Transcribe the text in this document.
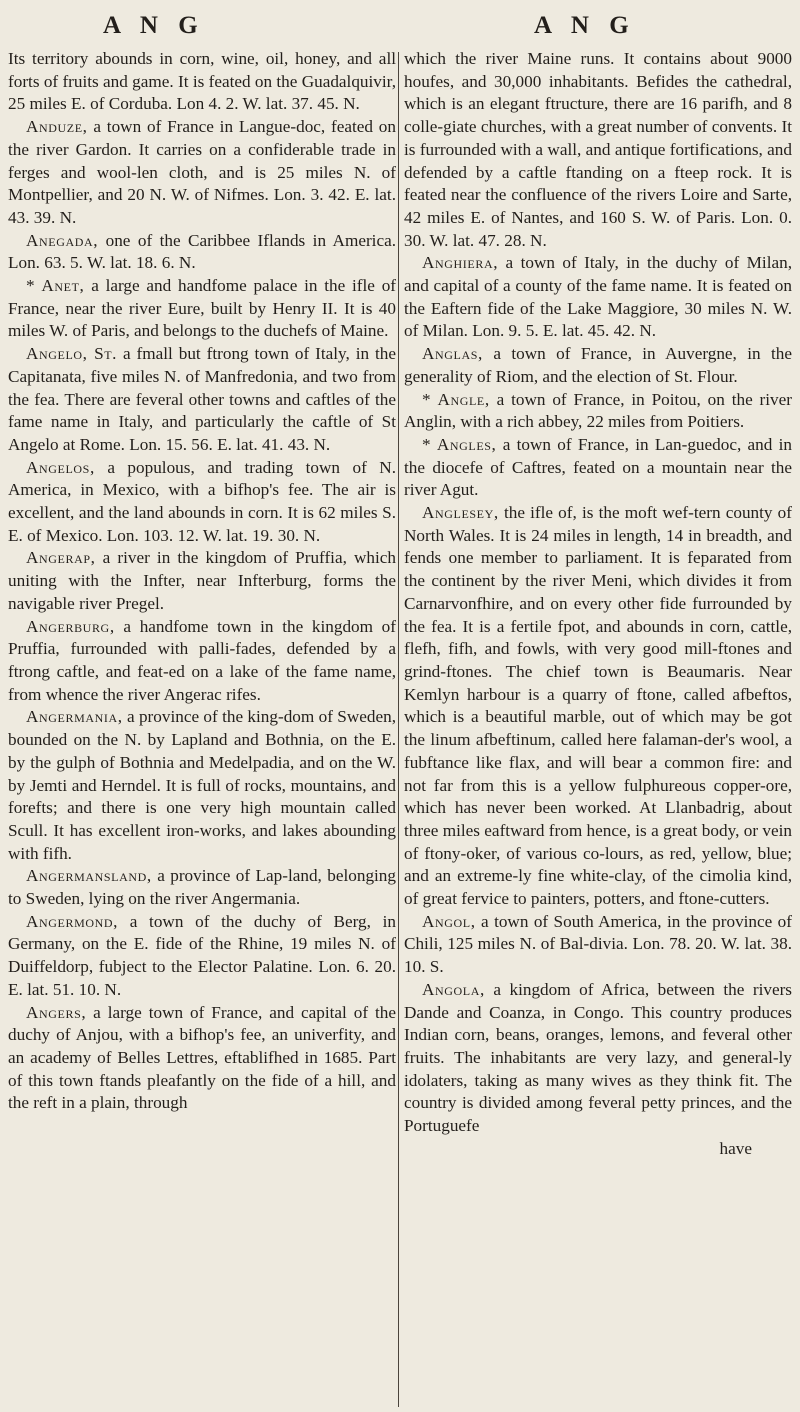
A N G

Its territory abounds in corn, wine, oil, honey, and all forts of fruits and game. It is feated on the Guadalquivir, 25 miles E. of Corduba. Lon 4. 2. W. lat. 37. 45. N.

Anduze, a town of France in Langue-doc, feated on the river Gardon. It carries on a confiderable trade in ferges and wool-len cloth, and is 25 miles N. of Montpellier, and 20 N. W. of Nifmes. Lon. 3. 42. E. lat. 43. 39. N.

Anegada, one of the Caribbee Iflands in America. Lon. 63. 5. W. lat. 18. 6. N.

* Anet, a large and handfome palace in the ifle of France, near the river Eure, built by Henry II. It is 40 miles W. of Paris, and belongs to the duchefs of Maine.

Angelo, St. a fmall but ftrong town of Italy, in the Capitanata, five miles N. of Manfredonia, and two from the fea. There are feveral other towns and caftles of the fame name in Italy, and particularly the caftle of St Angelo at Rome. Lon. 15. 56. E. lat. 41. 43. N.

Angelos, a populous, and trading town of N. America, in Mexico, with a bifhop's fee. The air is excellent, and the land abounds in corn. It is 62 miles S. E. of Mexico. Lon. 103. 12. W. lat. 19. 30. N.

Angerap, a river in the kingdom of Pruffia, which uniting with the Infter, near Infterburg, forms the navigable river Pregel.

Angerburg, a handfome town in the kingdom of Pruffia, furrounded with palli-fades, defended by a ftrong caftle, and feat-ed on a lake of the fame name, from whence the river Angerac rifes.

Angermania, a province of the king-dom of Sweden, bounded on the N. by Lapland and Bothnia, on the E. by the gulph of Bothnia and Medelpadia, and on the W. by Jemti and Herndel. It is full of rocks, mountains, and forefts; and there is one very high mountain called Scull. It has excellent iron-works, and lakes abounding with fifh.

Angermansland, a province of Lap-land, belonging to Sweden, lying on the river Angermania.

Angermond, a town of the duchy of Berg, in Germany, on the E. fide of the Rhine, 19 miles N. of Duiffeldorp, fubject to the Elector Palatine. Lon. 6. 20. E. lat. 51. 10. N.

Angers, a large town of France, and capital of the duchy of Anjou, with a bifhop's fee, an univerfity, and an academy of Belles Lettres, eftablifhed in 1685. Part of this town ftands pleafantly on the fide of a hill, and the reft in a plain, through

A N G

which the river Maine runs. It contains about 9000 houfes, and 30,000 inhabitants. Befides the cathedral, which is an elegant ftructure, there are 16 parifh, and 8 colle-giate churches, with a great number of convents. It is furrounded with a wall, and antique fortifications, and defended by a caftle ftanding on a fteep rock. It is feated near the confluence of the rivers Loire and Sarte, 42 miles E. of Nantes, and 160 S. W. of Paris. Lon. 0. 30. W. lat. 47. 28. N.

Anghiera, a town of Italy, in the duchy of Milan, and capital of a county of the fame name. It is feated on the Eaftern fide of the Lake Maggiore, 30 miles N. W. of Milan. Lon. 9. 5. E. lat. 45. 42. N.

Anglas, a town of France, in Auvergne, in the generality of Riom, and the election of St. Flour.

* Angle, a town of France, in Poitou, on the river Anglin, with a rich abbey, 22 miles from Poitiers.

* Angles, a town of France, in Lan-guedoc, and in the diocefe of Caftres, feated on a mountain near the river Agut.

Anglesey, the ifle of, is the moft wef-tern county of North Wales. It is 24 miles in length, 14 in breadth, and fends one member to parliament. It is feparated from the continent by the river Meni, which divides it from Carnarvonfhire, and on every other fide furrounded by the fea. It is a fertile fpot, and abounds in corn, cattle, flefh, fifh, and fowls, with very good mill-ftones and grind-ftones. The chief town is Beaumaris. Near Kemlyn harbour is a quarry of ftone, called afbeftos, which is a beautiful marble, out of which may be got the linum afbeftinum, called here falaman-der's wool, a fubftance like flax, and will bear a common fire: and not far from this is a yellow fulphureous copper-ore, which has never been worked. At Llanbadrig, about three miles eaftward from hence, is a great body, or vein of ftony-oker, of various co-lours, as red, yellow, blue; and an extreme-ly fine white-clay, of the cimolia kind, of great fervice to painters, potters, and ftone-cutters.

Angol, a town of South America, in the province of Chili, 125 miles N. of Bal-divia. Lon. 78. 20. W. lat. 38. 10. S.

Angola, a kingdom of Africa, between the rivers Dande and Coanza, in Congo. This country produces Indian corn, beans, oranges, lemons, and feveral other fruits. The inhabitants are very lazy, and general-ly idolaters, taking as many wives as they think fit. The country is divided among feveral petty princes, and the Portuguefe

have
